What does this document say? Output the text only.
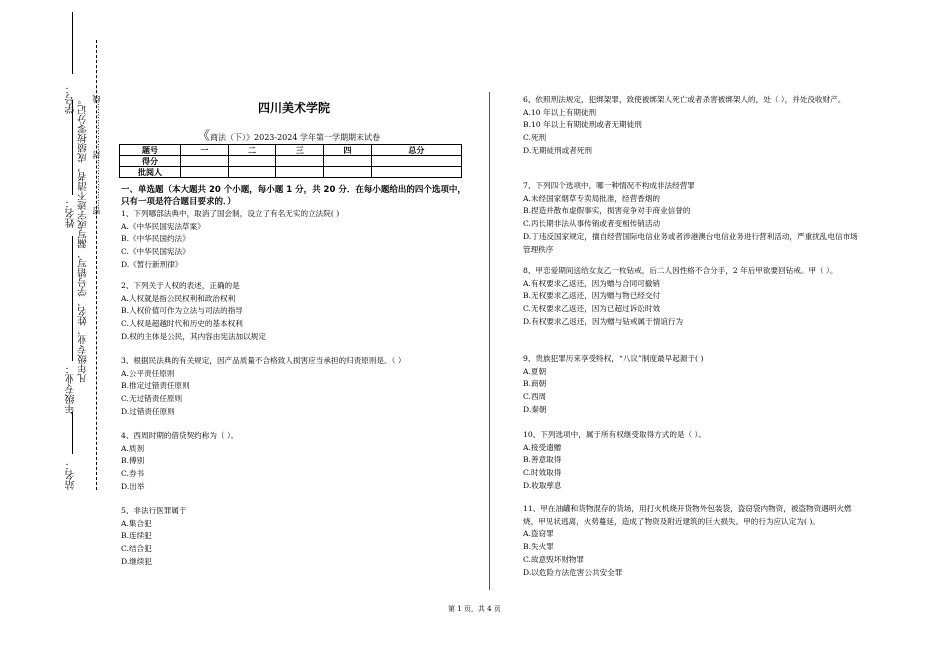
学号：
姓名：
年级专业：
站名：
凡年级专业、姓名、学号错写、漏写或字迹不清者，成绩按零分记。 密………………封………………线	四川美术学院
《商法（下）》2023-2024 学年第一学期期末试卷
题号	一	二	三	四	总分
得分					
批阅人					
一、单选题（本大题共 20 个小题，每小题 1 分，共 20 分．在每小题给出的四个选项中，只有一项是符合题目要求的．）
1、下列哪部法典中，取消了国会制，设立了有名无实的立法院( )
A.《中华民国宪法草案》
B.《中华民国约法》
C.《中华民国宪法》
D.《暂行新刑律》
2、下列关于人权的表述，正确的是
A.人权就是指公民权利和政治权利
B.人权价值可作为立法与司法的指导
C.人权是超越时代和历史的基本权利
D.权的主体是公民，其内容由宪法加以规定
3、根据民法典的有关规定，因产品质量不合格致人损害应当承担的归责原则是。（ ）
A.公平责任原则
B.推定过错责任原则
C.无过错责任原则
D.过错责任原则
4、西周时期的借贷契约称为（ ）。
A.质剂
B.傅别
C.券书
D.出举
5、非法行医罪属于
A.集合犯
B.连续犯
C.结合犯
D.继续犯
6、依照刑法规定，犯绑架罪，致使被绑架人死亡或者杀害被绑架人的，处（ ），并处没收财产。
A.10 年以上有期徒刑
B.10 年以上有期徒刑或者无期徒刑
C.死刑
D.无期徒刑或者死刑
7、下列四个选项中，哪一种情况不构成非法经营罪
A.未经国家烟草专卖局批准，经营香烟的
B.捏造并散布虚假事实，损害竞争对手商业信誉的
C.丙长期非法从事传销或者变相传销活动
D.丁违反国家规定，擅自经营国际电信业务或者涉港澳台电信业务进行营利活动，严重扰乱电信市场管理秩序
8、甲恋爱期间送给女友乙一枚钻戒，后二人因性格不合分手，2 年后甲欲要回钻戒。甲（ ）。
A.有权要求乙返还，因为赠与合同可撤销
B.无权要求乙返还，因为赠与物已经交付
C.无权要求乙返还，因为已超过诉讼时效
D.有权要求乙返还，因为赠与钻戒属于情谊行为
9、贵族犯罪历来享受特权，“八议”制度最早起源于( )
A.夏朝
B.商朝
C.西周
D.秦朝
10、下列选项中，属于所有权继受取得方式的是（ ）。
A.接受遗赠
B.善意取得
C.时效取得
D.收取孳息
11、甲在油罐和货物混存的货场，用打火机烧开货物外包装袋，盗窃袋内物资，被盗物资遇明火燃烧，甲见状逃离，火势蔓延，造成了物资及附近建筑的巨大损失。甲的行为应认定为( )。
A.盗窃罪
B.失火罪
C.故意毁坏财物罪
D.以危险方法危害公共安全罪
第 1 页，共 4 页
